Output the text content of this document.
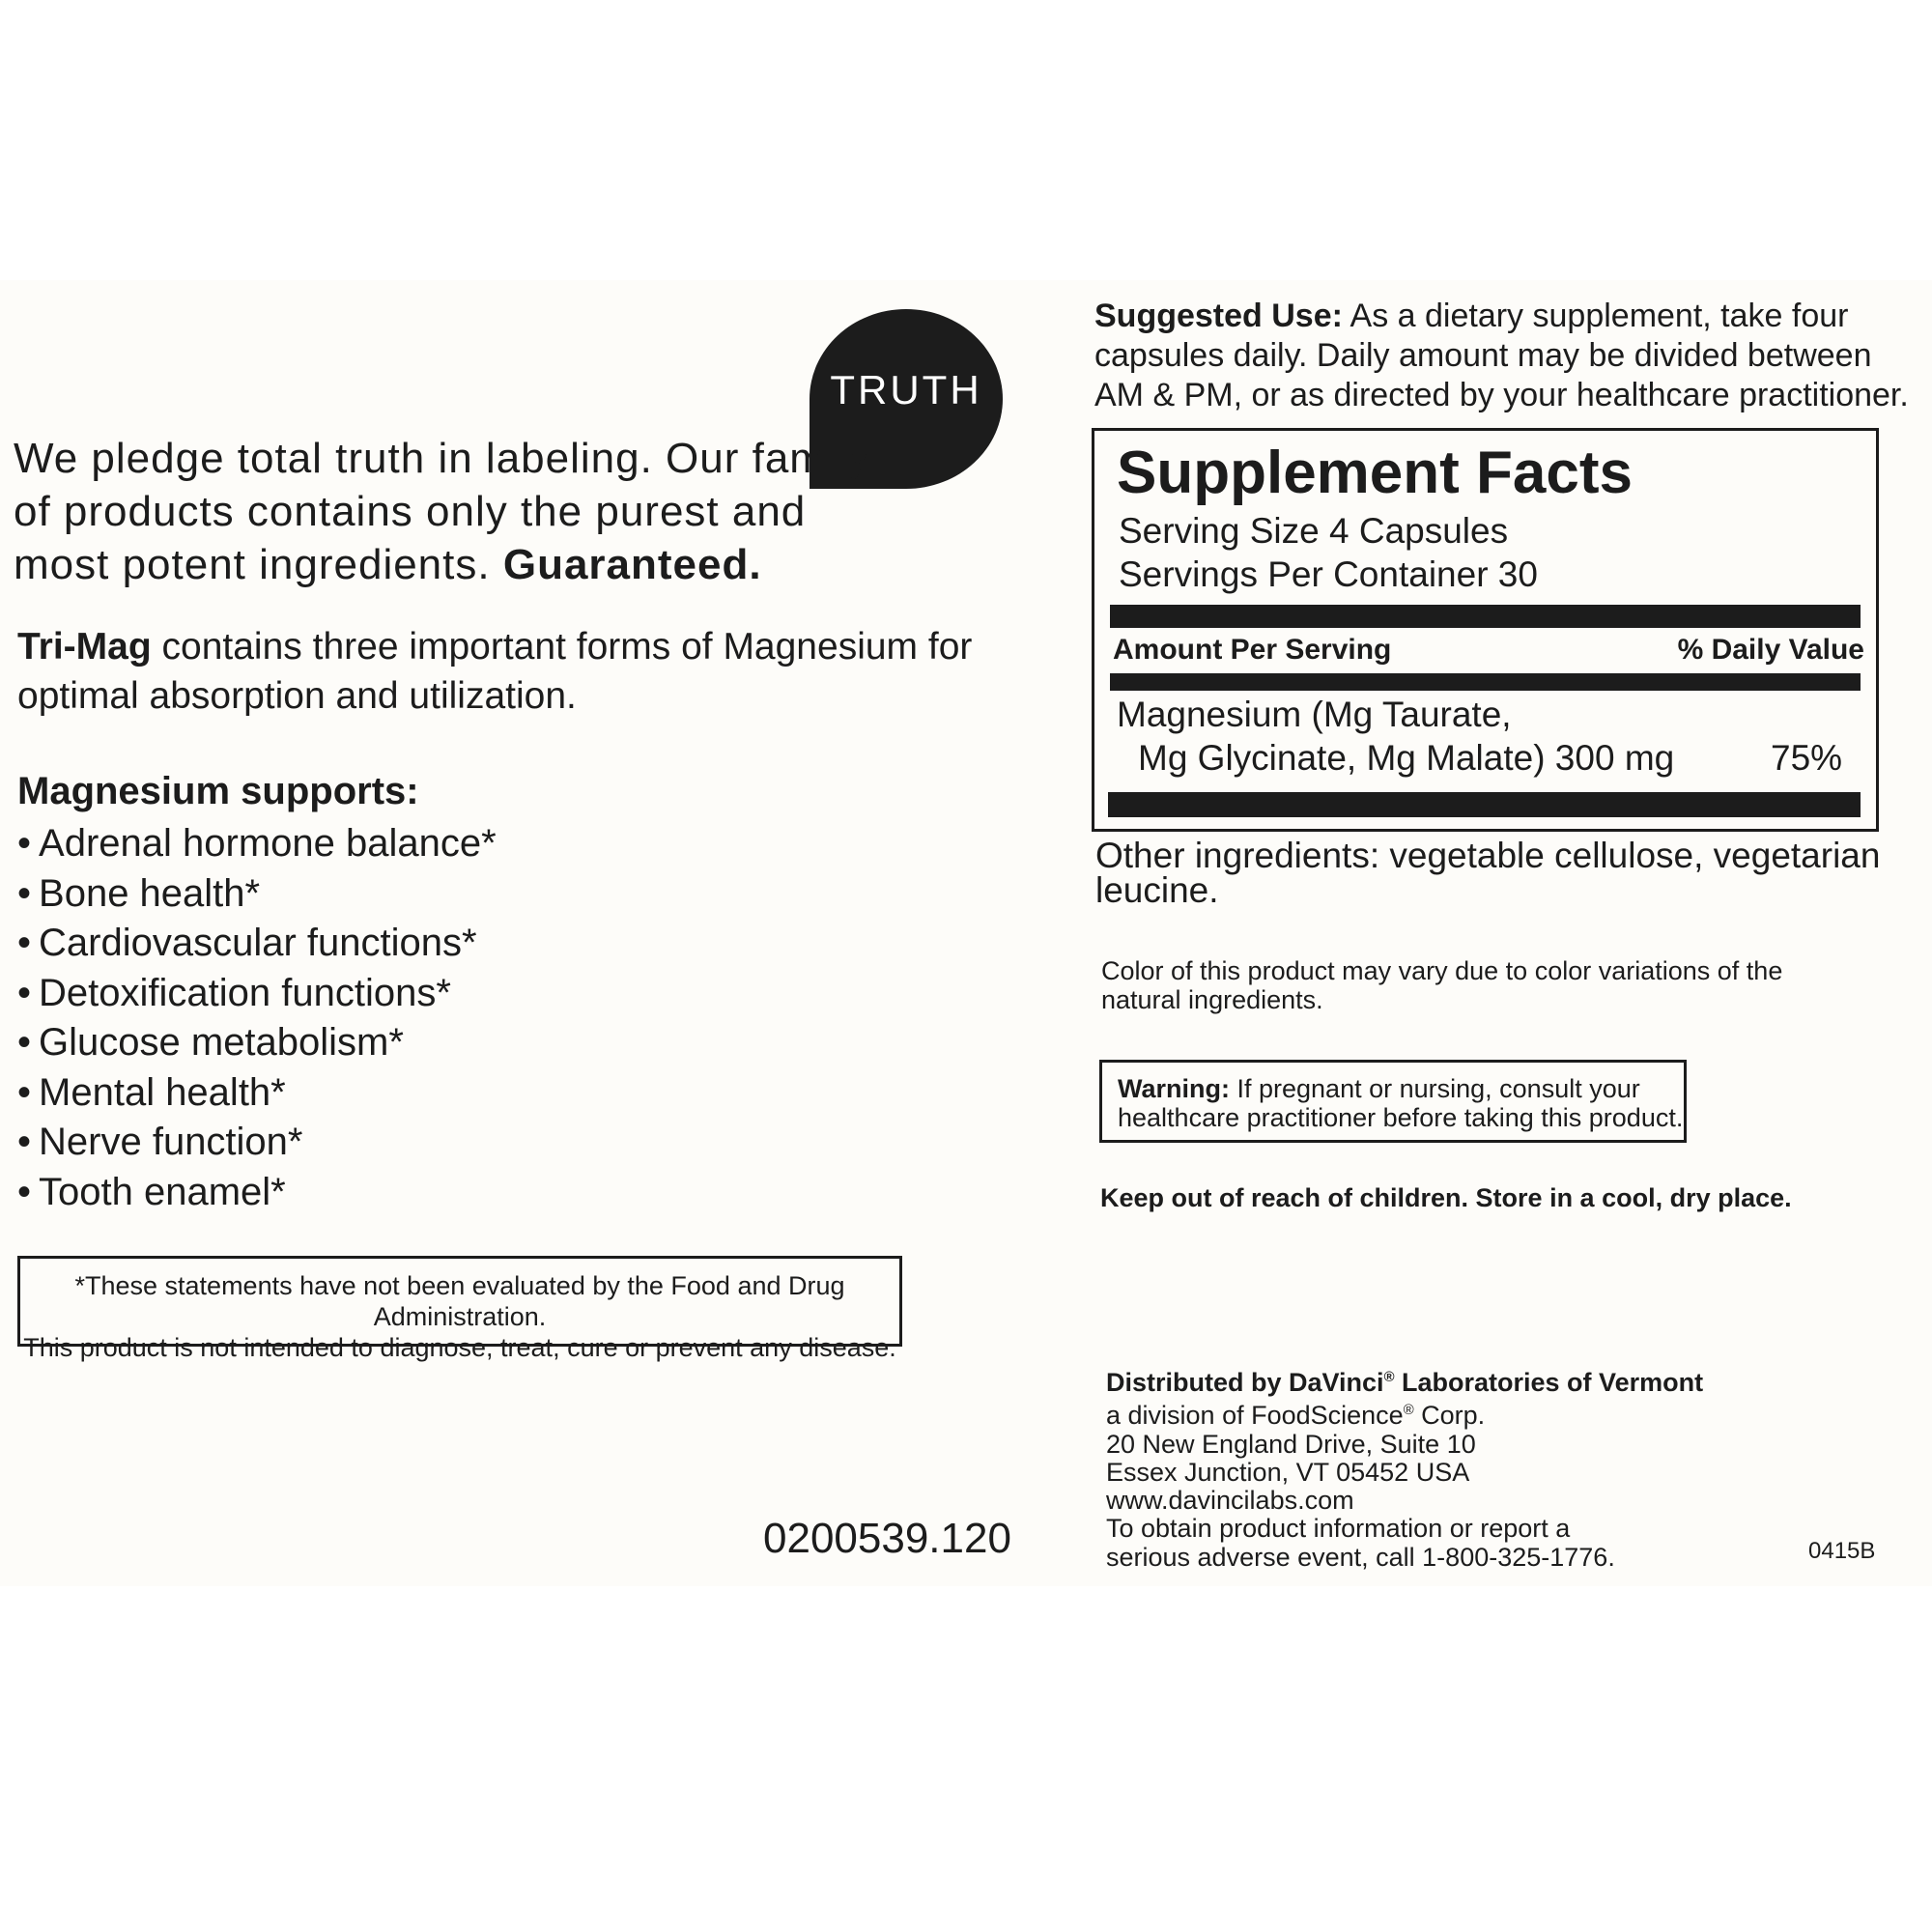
TRUTH
We pledge total truth in labeling. Our family of products contains only the purest and most potent ingredients. Guaranteed.
Tri-Mag contains three important forms of Magnesium for optimal absorption and utilization.
Magnesium supports:
• Adrenal hormone balance*
• Bone health*
• Cardiovascular functions*
• Detoxification functions*
• Glucose metabolism*
• Mental health*
• Nerve function*
• Tooth enamel*
*These statements have not been evaluated by the Food and Drug Administration.
This product is not intended to diagnose, treat, cure or prevent any disease.
0200539.120
Suggested Use: As a dietary supplement, take four capsules daily. Daily amount may be divided between AM & PM, or as directed by your healthcare practitioner.
Supplement Facts
Serving Size 4 Capsules
Servings Per Container 30
Amount Per Serving	% Daily Value
Magnesium (Mg Taurate,
Mg Glycinate, Mg Malate) 300 mg	75%
Other ingredients: vegetable cellulose, vegetarian leucine.
Color of this product may vary due to color variations of the natural ingredients.
Warning: If pregnant or nursing, consult your
healthcare practitioner before taking this product.
Keep out of reach of children. Store in a cool, dry place.
Distributed by DaVinci® Laboratories of Vermont
a division of FoodScience® Corp.
20 New England Drive, Suite 10
Essex Junction, VT 05452 USA
www.davincilabs.com
To obtain product information or report a
serious adverse event, call 1-800-325-1776.	0415B
